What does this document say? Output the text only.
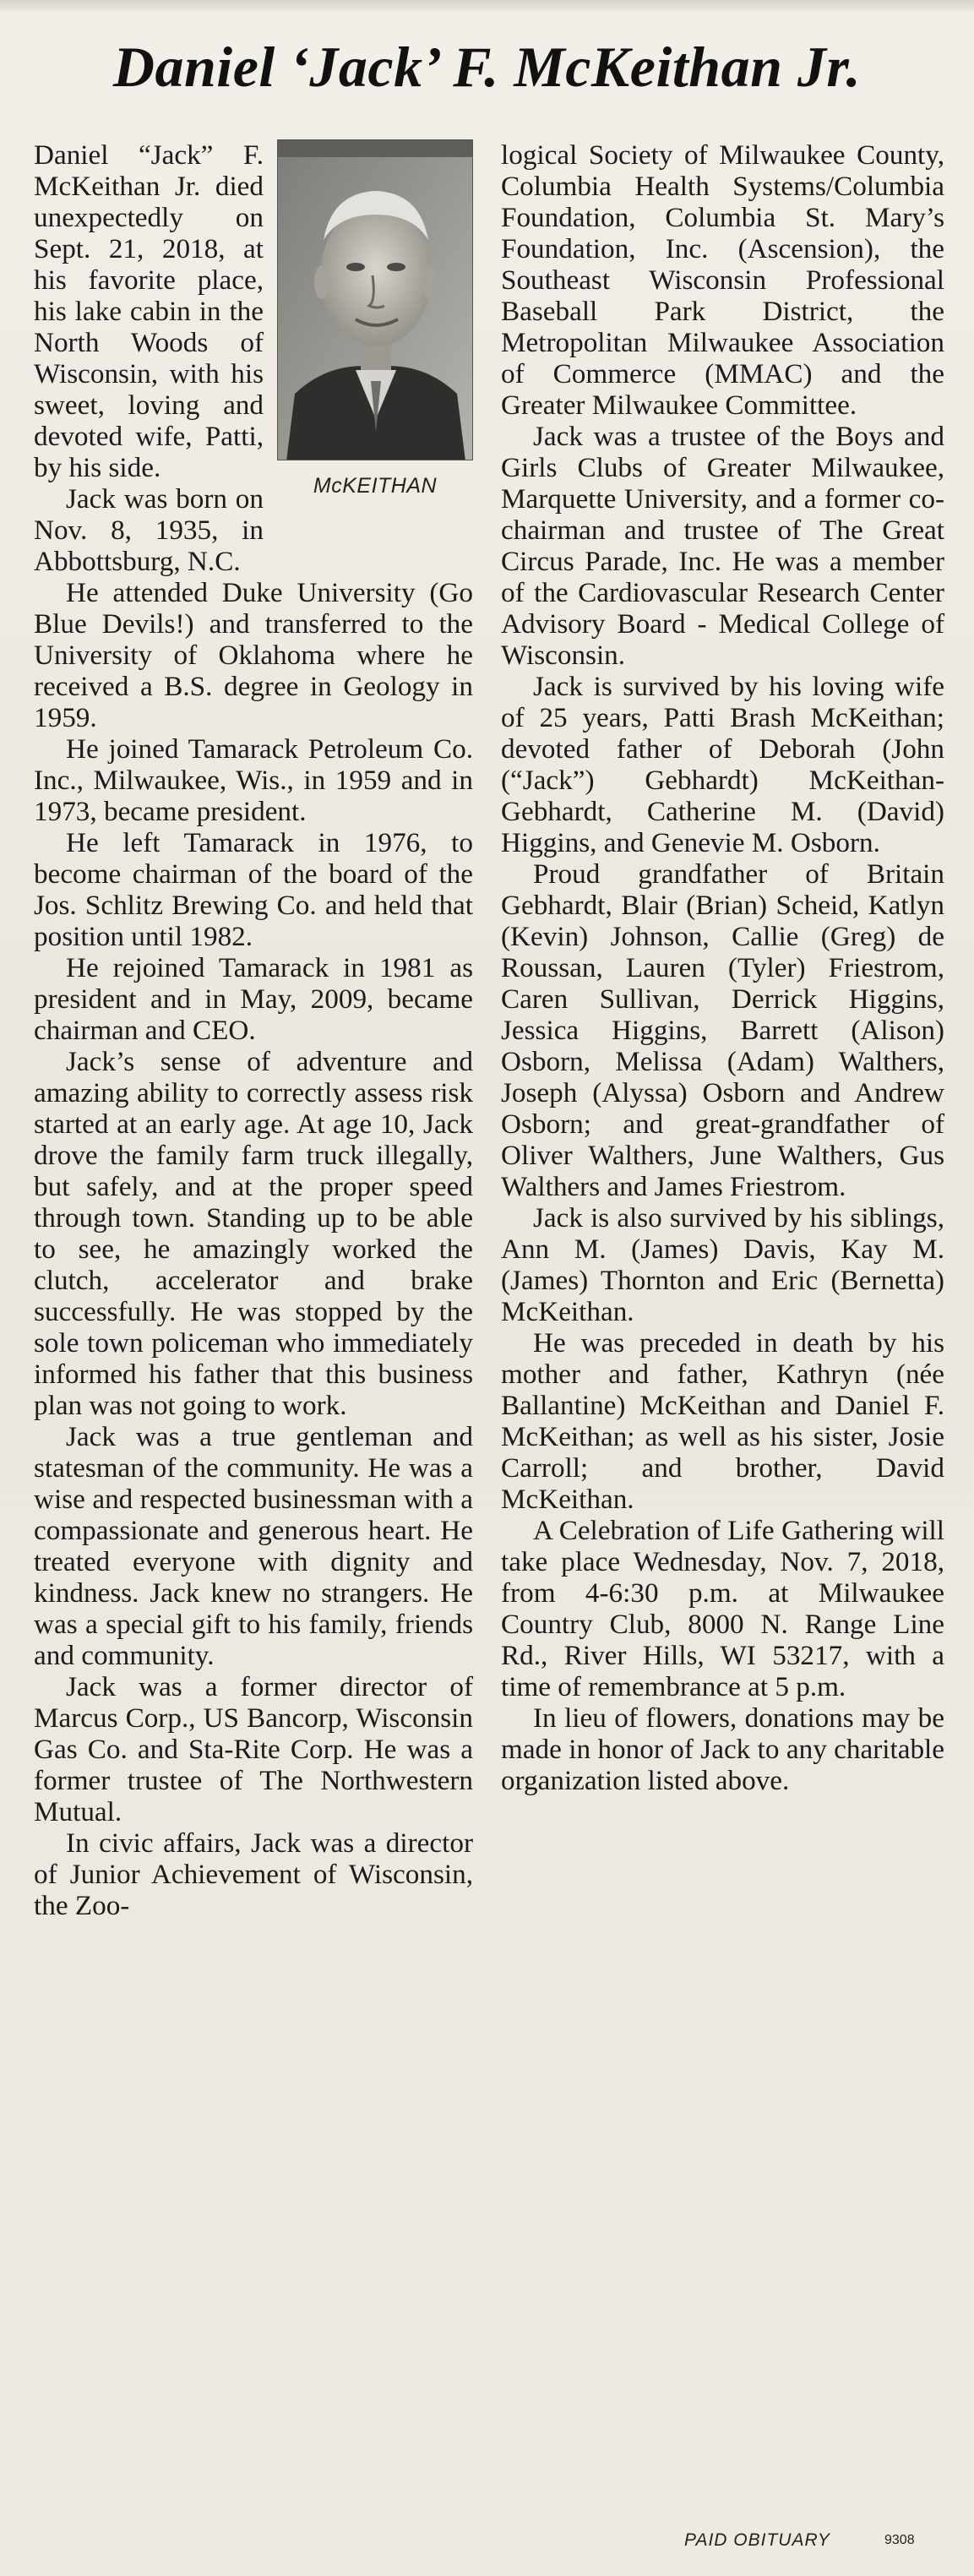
Daniel ‘Jack’ F. McKeithan Jr.
McKEITHAN

Daniel “Jack” F. McKeithan Jr. died unexpectedly on Sept. 21, 2018, at his favorite place, his lake cabin in the North Woods of Wisconsin, with his sweet, loving and devoted wife, Patti, by his side.

Jack was born on Nov. 8, 1935, in Abbottsburg, N.C.

He attended Duke University (Go Blue Devils!) and transferred to the University of Oklahoma where he received a B.S. degree in Geology in 1959.

He joined Tamarack Petroleum Co. Inc., Milwaukee, Wis., in 1959 and in 1973, became president.

He left Tamarack in 1976, to become chairman of the board of the Jos. Schlitz Brewing Co. and held that position until 1982.

He rejoined Tamarack in 1981 as president and in May, 2009, became chairman and CEO.

Jack’s sense of adventure and amazing ability to correctly assess risk started at an early age. At age 10, Jack drove the family farm truck illegally, but safely, and at the proper speed through town. Standing up to be able to see, he amazingly worked the clutch, accelerator and brake successfully. He was stopped by the sole town policeman who immediately informed his father that this business plan was not going to work.

Jack was a true gentleman and statesman of the community. He was a wise and respected businessman with a compassionate and generous heart. He treated everyone with dignity and kindness. Jack knew no strangers. He was a special gift to his family, friends and community.

Jack was a former director of Marcus Corp., US Bancorp, Wisconsin Gas Co. and Sta-Rite Corp. He was a former trustee of The Northwestern Mutual.

In civic affairs, Jack was a director of Junior Achievement of Wisconsin, the Zoo-

logical Society of Milwaukee County, Columbia Health Systems/Columbia Foundation, Columbia St. Mary’s Foundation, Inc. (Ascension), the Southeast Wisconsin Professional Baseball Park District, the Metropolitan Milwaukee Association of Commerce (MMAC) and the Greater Milwaukee Committee.

Jack was a trustee of the Boys and Girls Clubs of Greater Milwaukee, Marquette University, and a former co-chairman and trustee of The Great Circus Parade, Inc. He was a member of the Cardiovascular Research Center Advisory Board - Medical College of Wisconsin.

Jack is survived by his loving wife of 25 years, Patti Brash McKeithan; devoted father of Deborah (John (“Jack”) Gebhardt) McKeithan-Gebhardt, Catherine M. (David) Higgins, and Genevie M. Osborn.

Proud grandfather of Britain Gebhardt, Blair (Brian) Scheid, Katlyn (Kevin) Johnson, Callie (Greg) de Roussan, Lauren (Tyler) Friestrom, Caren Sullivan, Derrick Higgins, Jessica Higgins, Barrett (Alison) Osborn, Melissa (Adam) Walthers, Joseph (Alyssa) Osborn and Andrew Osborn; and great-grandfather of Oliver Walthers, June Walthers, Gus Walthers and James Friestrom.

Jack is also survived by his siblings, Ann M. (James) Davis, Kay M. (James) Thornton and Eric (Bernetta) McKeithan.

He was preceded in death by his mother and father, Kathryn (née Ballantine) McKeithan and Daniel F. McKeithan; as well as his sister, Josie Carroll; and brother, David McKeithan.

A Celebration of Life Gathering will take place Wednesday, Nov. 7, 2018, from 4-6:30 p.m. at Milwaukee Country Club, 8000 N. Range Line Rd., River Hills, WI 53217, with a time of remembrance at 5 p.m.

In lieu of flowers, donations may be made in honor of Jack to any charitable organization listed above.

PAID OBITUARY	9308
